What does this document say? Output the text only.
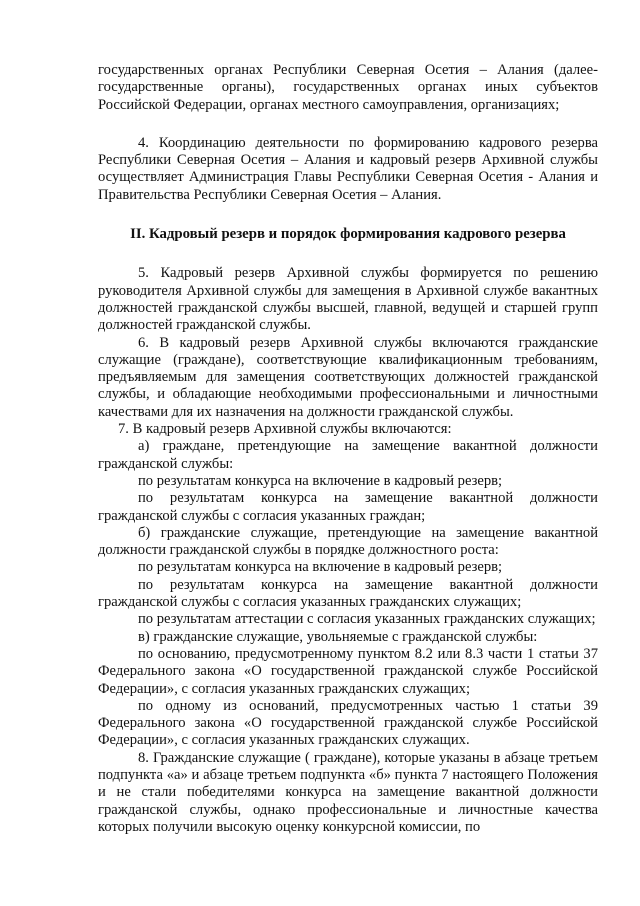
государственных органах Республики Северная Осетия – Алания (далее-государственные органы), государственных органах иных субъектов Российской Федерации, органах местного самоуправления, организациях;

4. Координацию деятельности по формированию кадрового резерва Республики Северная Осетия – Алания и кадровый резерв Архивной службы осуществляет Администрация Главы Республики Северная Осетия - Алания и Правительства Республики Северная Осетия – Алания.

II. Кадровый резерв и порядок формирования кадрового резерва

5. Кадровый резерв Архивной службы формируется по решению руководителя Архивной службы для замещения в Архивной службе вакантных должностей гражданской службы высшей, главной, ведущей и старшей групп должностей гражданской службы.

6. В кадровый резерв Архивной службы включаются гражданские служащие (граждане), соответствующие квалификационным требованиям, предъявляемым для замещения соответствующих должностей гражданской службы, и обладающие необходимыми профессиональными и личностными качествами для их назначения на должности гражданской службы.

7. В кадровый резерв Архивной службы включаются:

а) граждане, претендующие на замещение вакантной должности гражданской службы:

по результатам конкурса на включение в кадровый резерв;

по результатам конкурса на замещение вакантной должности гражданской службы с согласия указанных граждан;

б) гражданские служащие, претендующие на замещение вакантной должности гражданской службы в порядке должностного роста:

по результатам конкурса на включение в кадровый резерв;

по результатам конкурса на замещение вакантной должности гражданской службы с согласия указанных гражданских служащих;

по результатам аттестации с согласия указанных гражданских служащих;

в) гражданские служащие, увольняемые с гражданской службы:

по основанию, предусмотренному пунктом 8.2 или 8.3 части 1 статьи 37 Федерального закона «О государственной гражданской службе Российской Федерации», с согласия указанных гражданских служащих;

по одному из оснований, предусмотренных частью 1 статьи 39 Федерального закона «О государственной гражданской службе Российской Федерации», с согласия указанных гражданских служащих.

8. Гражданские служащие ( граждане), которые указаны в абзаце третьем подпункта «а» и абзаце третьем подпункта «б» пункта 7 настоящего Положения и не стали победителями конкурса на замещение вакантной должности гражданской службы, однако профессиональные и личностные качества которых получили высокую оценку конкурсной комиссии, по
